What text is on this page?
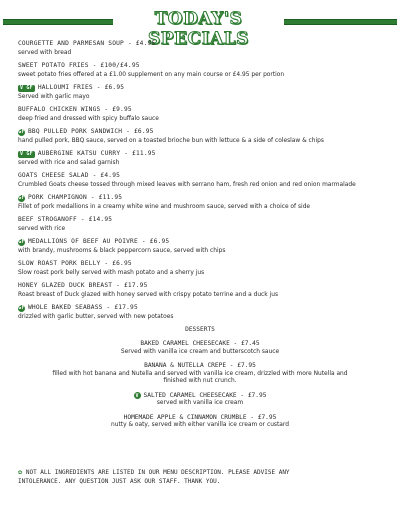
TODAY'S SPECIALS
COURGETTE AND PARMESAN SOUP - £4.95
served with bread
SWEET POTATO FRIES - £100/£4.95
sweet potato fries offered at a £1.00 supplement on any main course or £4.95 per portion
V GF HALLOUMI FRIES - £6.95
Served with garlic mayo
BUFFALO CHICKEN WINGS - £9.95
deep fried and dressed with spicy buffalo sauce
GF BBQ PULLED PORK SANDWICH - £6.95
hand pulled pork, BBQ sauce, served on a toasted brioche bun with lettuce & a side of coleslaw & chips
V GF AUBERGINE KATSU CURRY - £11.95
served with rice and salad garnish
GOATS CHEESE SALAD - £4.95
Crumbled Goats cheese tossed through mixed leaves with serrano ham, fresh red onion and red onion marmalade
GF PORK CHAMPIGNON - £11.95
Fillet of pork medallions in a creamy white wine and mushroom sauce, served with a choice of side
BEEF STROGANOFF - £14.95
served with rice
GF MEDALLIONS OF BEEF AU POIVRE - £6.95
with brandy, mushrooms & black peppercorn sauce, served with chips
SLOW ROAST PORK BELLY - £6.95
Slow roast pork belly served with mash potato and a sherry jus
HONEY GLAZED DUCK BREAST - £17.95
Roast breast of Duck glazed with honey served with crispy potato terrine and a duck jus
GF WHOLE BAKED SEABASS - £17.95
drizzled with garlic butter, served with new potatoes
DESSERTS
BAKED CARAMEL CHEESECAKE - £7.45
Served with vanilla ice cream and butterscotch sauce
BANANA & NUTELLA CREPE - £7.95
filled with hot banana and Nutella and served with vanilla ice cream, drizzled with more Nutella and finished with nut crunch.
V SALTED CARAMEL CHEESECAKE - £7.95
served with vanilla ice cream
HOMEMADE APPLE & CINNAMON CRUMBLE - £7.95
nutty & oaty, served with either vanilla ice cream or custard
✿ NOT ALL INGREDIENTS ARE LISTED IN OUR MENU DESCRIPTION. PLEASE ADVISE ANY INTOLERANCE. ANY QUESTION JUST ASK OUR STAFF. THANK YOU.
